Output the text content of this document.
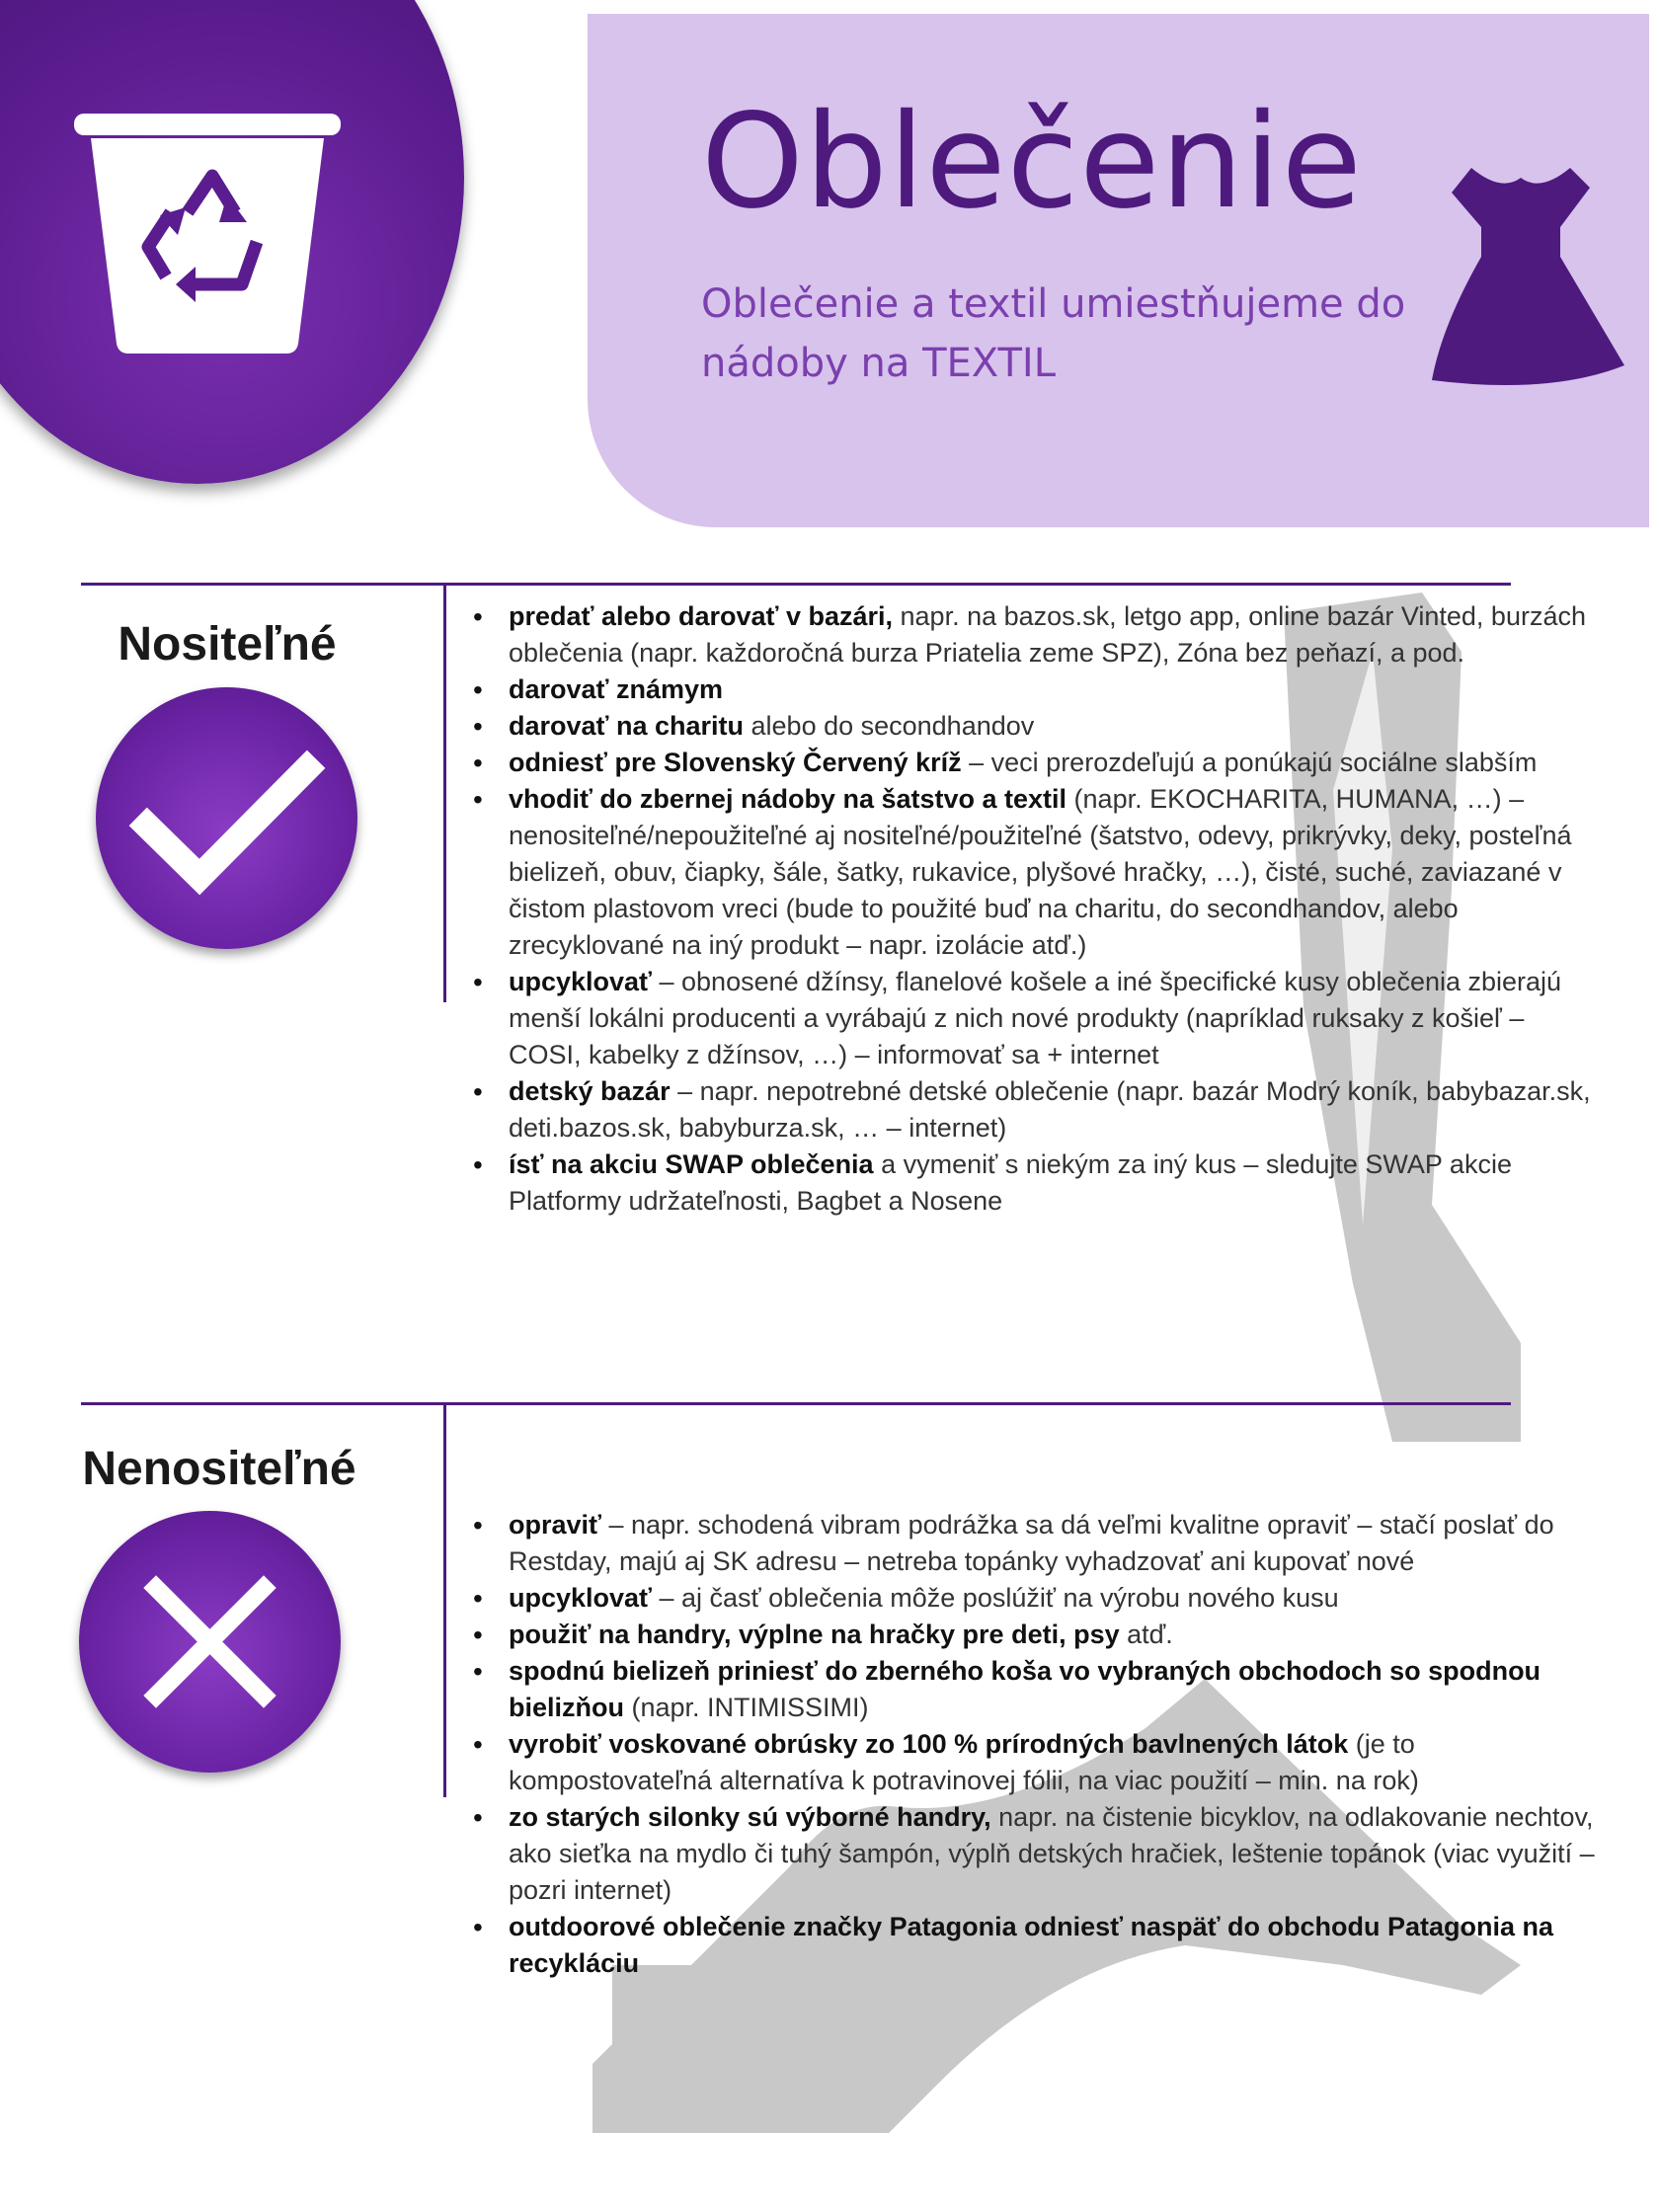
Oblečenie
Oblečenie a textil umiestňujeme do nádoby na TEXTIL
Nositeľné
• predať alebo darovať v bazári, napr. na bazos.sk, letgo app, online bazár Vinted, burzách oblečenia (napr. každoročná burza Priatelia zeme SPZ), Zóna bez peňazí, a pod.
• darovať známym
• darovať na charitu alebo do secondhandov
• odniesť pre Slovenský Červený kríž – veci prerozdeľujú a ponúkajú sociálne slabším
• vhodiť do zbernej nádoby na šatstvo a textil (napr. EKOCHARITA, HUMANA, …) – nenositeľné/nepoužiteľné aj nositeľné/použiteľné (šatstvo, odevy, prikrývky, deky, posteľná bielizeň, obuv, čiapky, šále, šatky, rukavice, plyšové hračky, …), čisté, suché, zaviazané v čistom plastovom vreci (bude to použité buď na charitu, do secondhandov, alebo zrecyklované na iný produkt – napr. izolácie atď.)
• upcyklovať – obnosené džínsy, flanelové košele a iné špecifické kusy oblečenia zbierajú menší lokálni producenti a vyrábajú z nich nové produkty (napríklad ruksaky z košieľ – COSI, kabelky z džínsov, …) – informovať sa + internet
• detský bazár – napr. nepotrebné detské oblečenie (napr. bazár Modrý koník, babybazar.sk, deti.bazos.sk, babyburza.sk, … – internet)
• ísť na akciu SWAP oblečenia a vymeniť s niekým za iný kus – sledujte SWAP akcie Platformy udržateľnosti, Bagbet a Nosene
Nenositeľné
• opraviť – napr. schodená vibram podrážka sa dá veľmi kvalitne opraviť – stačí poslať do Restday, majú aj SK adresu – netreba topánky vyhadzovať ani kupovať nové
• upcyklovať – aj časť oblečenia môže poslúžiť na výrobu nového kusu
• použiť na handry, výplne na hračky pre deti, psy atď.
• spodnú bielizeň priniesť do zberného koša vo vybraných obchodoch so spodnou bielizňou (napr. INTIMISSIMI)
• vyrobiť voskované obrúsky zo 100 % prírodných bavlnených látok (je to kompostovateľná alternatíva k potravinovej fólii, na viac použití – min. na rok)
• zo starých silonky sú výborné handry, napr. na čistenie bicyklov, na odlakovanie nechtov, ako sieťka na mydlo či tuhý šampón, výplň detských hračiek, leštenie topánok (viac využití – pozri internet)
• outdoorové oblečenie značky Patagonia odniesť naspäť do obchodu Patagonia na recykláciu
